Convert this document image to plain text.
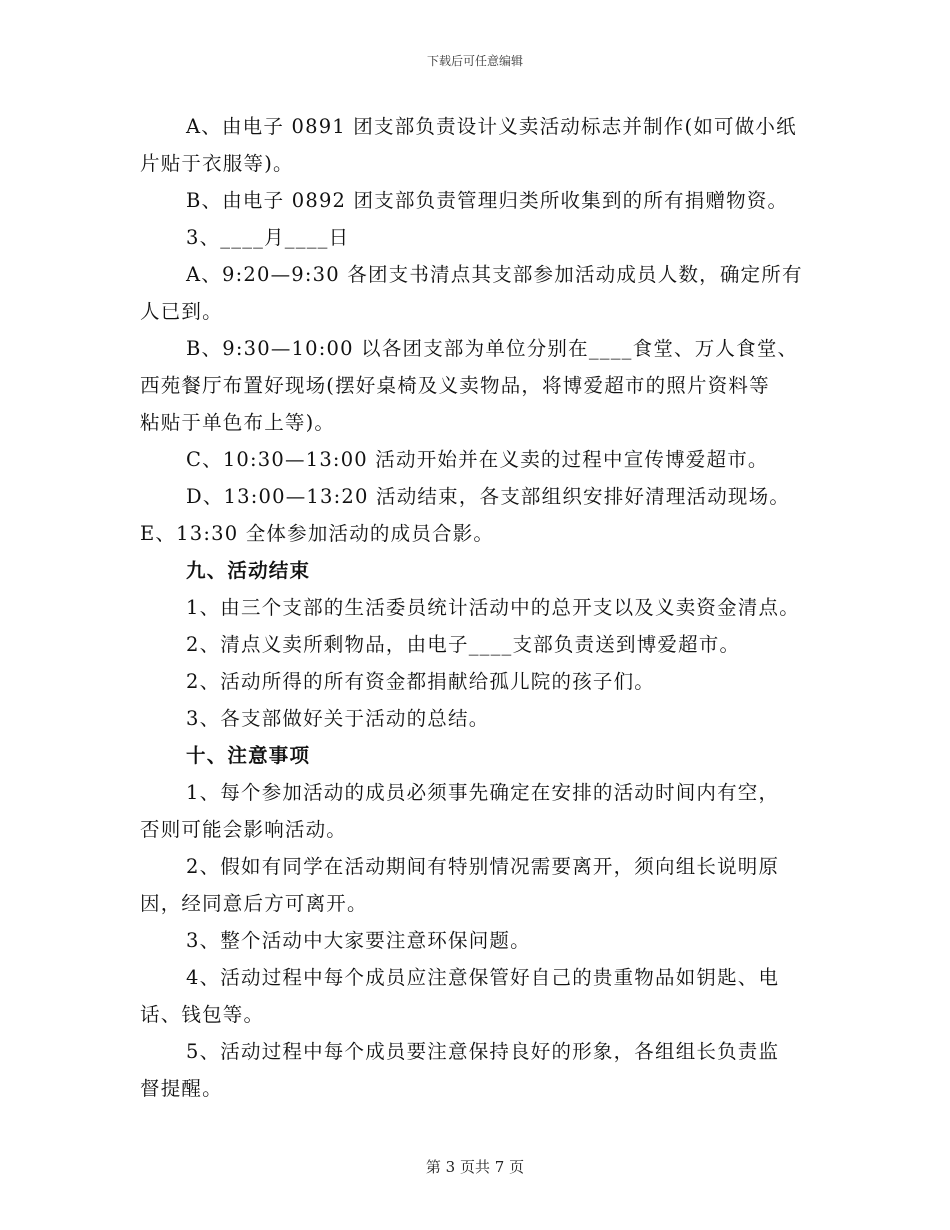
下载后可任意编辑

A、由电子 0891 团支部负责设计义卖活动标志并制作(如可做小纸

片贴于衣服等)。

B、由电子 0892 团支部负责管理归类所收集到的所有捐赠物资。

3、____月____日

A、9:20—9:30 各团支书清点其支部参加活动成员人数，确定所有

人已到。

B、9:30—10:00 以各团支部为单位分别在____食堂、万人食堂、

西苑餐厅布置好现场(摆好桌椅及义卖物品，将博爱超市的照片资料等

粘贴于单色布上等)。

C、10:30—13:00 活动开始并在义卖的过程中宣传博爱超市。

D、13:00—13:20 活动结束，各支部组织安排好清理活动现场。

E、13:30 全体参加活动的成员合影。

九、活动结束

1、由三个支部的生活委员统计活动中的总开支以及义卖资金清点。

2、清点义卖所剩物品，由电子____支部负责送到博爱超市。

2、活动所得的所有资金都捐献给孤儿院的孩子们。

3、各支部做好关于活动的总结。

十、注意事项

1、每个参加活动的成员必须事先确定在安排的活动时间内有空，

否则可能会影响活动。

2、假如有同学在活动期间有特别情况需要离开，须向组长说明原

因，经同意后方可离开。

3、整个活动中大家要注意环保问题。

4、活动过程中每个成员应注意保管好自己的贵重物品如钥匙、电

话、钱包等。

5、活动过程中每个成员要注意保持良好的形象，各组组长负责监

督提醒。

第 3 页共 7 页
